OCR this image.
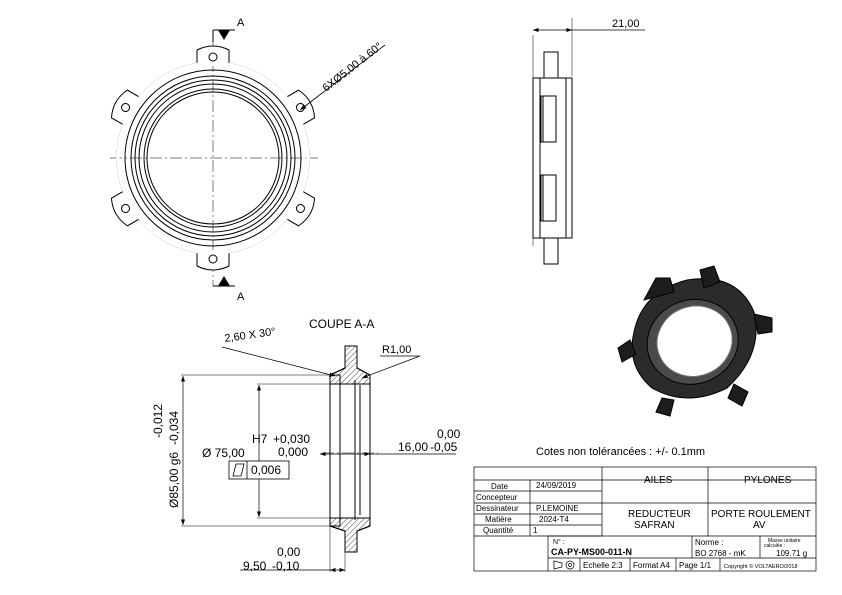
A
A
6XØ5,00 à 60°
21,00
COUPE A-A
2,60 X 30°
R1,00
Ø85,00 g6
-0,012 -0,034
Ø 75,00
H7 +0,030
0,000
0,006
0,00
16,00 -0,05
0,00
9,50 -0,10
Cotes non tolérancées : +/- 0.1mm
Date	24/09/2019
Concepteur
Dessinateur P.LEMOINE
Matière	2024-T4
Quantité 1
AILES	PYLONES
REDUCTEUR
SAFRAN
PORTE ROULEMENT
AV
N° :
CA-PY-MS00-011-N
Norme :
BO 2768 - mK
Masse unitaire
calculée :
109.71 g
Echelle 2:3 Format A4 Page 1/1 Copyright © VOLTAERO/2018
